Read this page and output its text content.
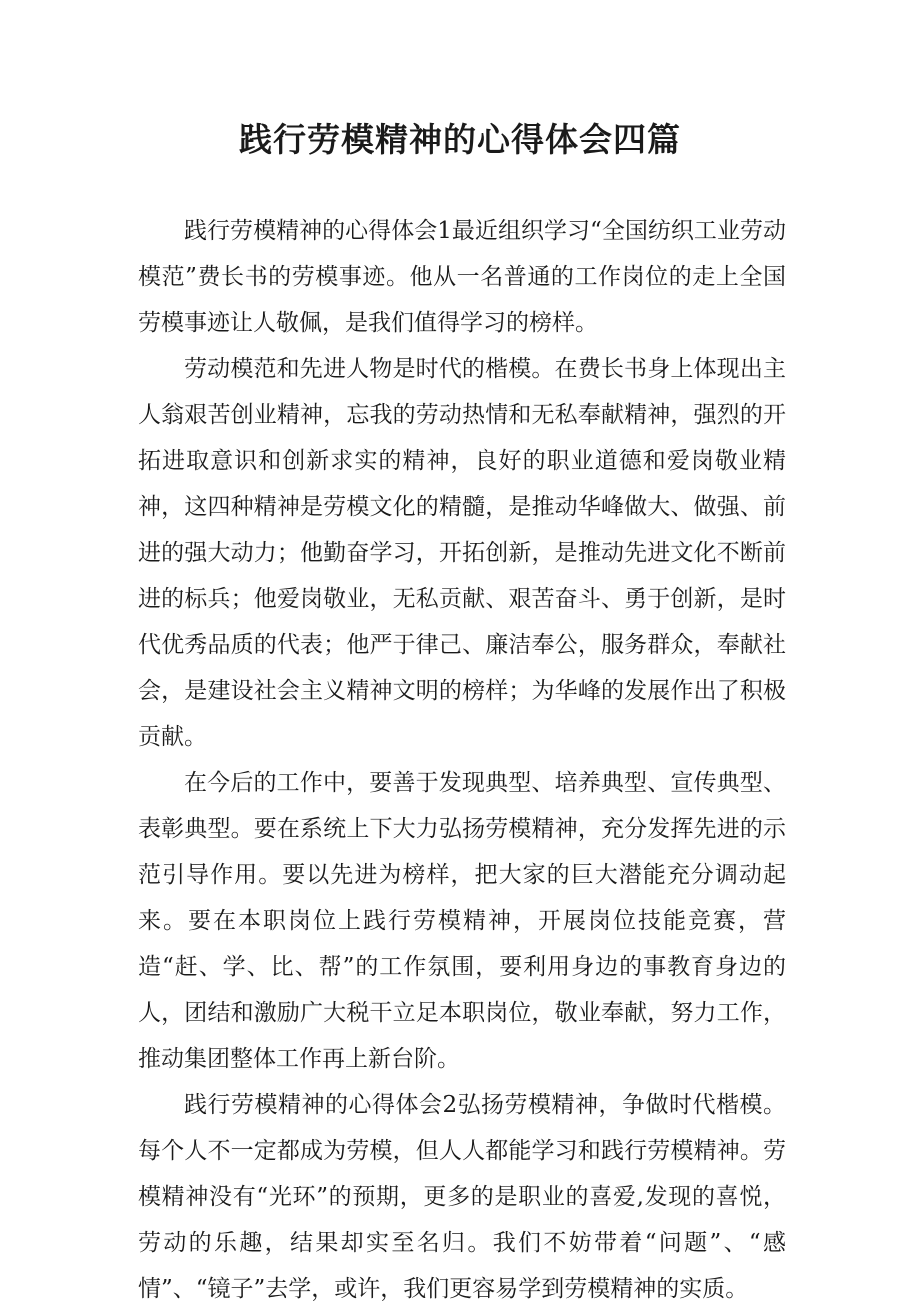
践行劳模精神的心得体会四篇

践行劳模精神的心得体会1最近组织学习“全国纺织工业劳动模范”费长书的劳模事迹。他从一名普通的工作岗位的走上全国劳模事迹让人敬佩，是我们值得学习的榜样。

劳动模范和先进人物是时代的楷模。在费长书身上体现出主人翁艰苦创业精神，忘我的劳动热情和无私奉献精神，强烈的开拓进取意识和创新求实的精神，良好的职业道德和爱岗敬业精神，这四种精神是劳模文化的精髓，是推动华峰做大、做强、前进的强大动力；他勤奋学习，开拓创新，是推动先进文化不断前进的标兵；他爱岗敬业，无私贡献、艰苦奋斗、勇于创新，是时代优秀品质的代表；他严于律己、廉洁奉公，服务群众，奉献社会，是建设社会主义精神文明的榜样；为华峰的发展作出了积极贡献。

在今后的工作中，要善于发现典型、培养典型、宣传典型、表彰典型。要在系统上下大力弘扬劳模精神，充分发挥先进的示范引导作用。要以先进为榜样，把大家的巨大潜能充分调动起来。要在本职岗位上践行劳模精神，开展岗位技能竞赛，营造“赶、学、比、帮”的工作氛围，要利用身边的事教育身边的人，团结和激励广大税干立足本职岗位，敬业奉献，努力工作，推动集团整体工作再上新台阶。

践行劳模精神的心得体会2弘扬劳模精神，争做时代楷模。每个人不一定都成为劳模，但人人都能学习和践行劳模精神。劳模精神没有“光环”的预期，更多的是职业的喜爱,发现的喜悦，劳动的乐趣，结果却实至名归。我们不妨带着“问题”、“感情”、“镜子”去学，或许，我们更容易学到劳模精神的实质。
